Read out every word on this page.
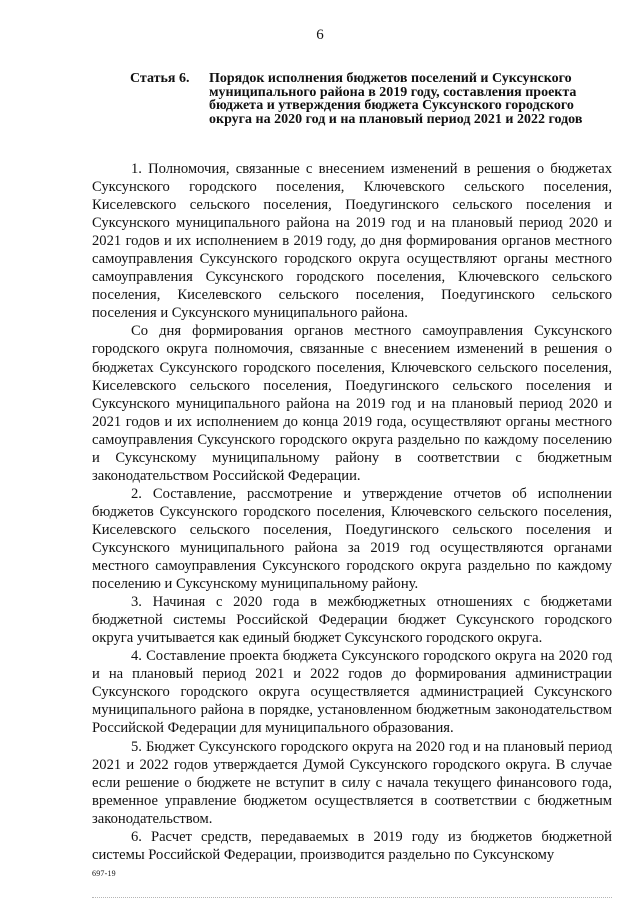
6
Статья 6. Порядок исполнения бюджетов поселений и Суксунского муниципального района в 2019 году, составления проекта бюджета и утверждения бюджета Суксунского городского округа на 2020 год и на плановый период 2021 и 2022 годов

1. Полномочия, связанные с внесением изменений в решения о бюджетах Суксунского городского поселения, Ключевского сельского поселения, Киселевского сельского поселения, Поедугинского сельского поселения и Суксунского муниципального района на 2019 год и на плановый период 2020 и 2021 годов и их исполнением в 2019 году, до дня формирования органов местного самоуправления Суксунского городского округа осуществляют органы местного самоуправления Суксунского городского поселения, Ключевского сельского поселения, Киселевского сельского поселения, Поедугинского сельского поселения и Суксунского муниципального района.

Со дня формирования органов местного самоуправления Суксунского городского округа полномочия, связанные с внесением изменений в решения о бюджетах Суксунского городского поселения, Ключевского сельского поселения, Киселевского сельского поселения, Поедугинского сельского поселения и Суксунского муниципального района на 2019 год и на плановый период 2020 и 2021 годов и их исполнением до конца 2019 года, осуществляют органы местного самоуправления Суксунского городского округа раздельно по каждому поселению и Суксунскому муниципальному району в соответствии с бюджетным законодательством Российской Федерации.

2. Составление, рассмотрение и утверждение отчетов об исполнении бюджетов Суксунского городского поселения, Ключевского сельского поселения, Киселевского сельского поселения, Поедугинского сельского поселения и Суксунского муниципального района за 2019 год осуществляются органами местного самоуправления Суксунского городского округа раздельно по каждому поселению и Суксунскому муниципальному району.

3. Начиная с 2020 года в межбюджетных отношениях с бюджетами бюджетной системы Российской Федерации бюджет Суксунского городского округа учитывается как единый бюджет Суксунского городского округа.

4. Составление проекта бюджета Суксунского городского округа на 2020 год и на плановый период 2021 и 2022 годов до формирования администрации Суксунского городского округа осуществляется администрацией Суксунского муниципального района в порядке, установленном бюджетным законодательством Российской Федерации для муниципального образования.

5. Бюджет Суксунского городского округа на 2020 год и на плановый период 2021 и 2022 годов утверждается Думой Суксунского городского округа. В случае если решение о бюджете не вступит в силу с начала текущего финансового года, временное управление бюджетом осуществляется в соответствии с бюджетным законодательством.

6. Расчет средств, передаваемых в 2019 году из бюджетов бюджетной системы Российской Федерации, производится раздельно по Суксунскому

697-19
